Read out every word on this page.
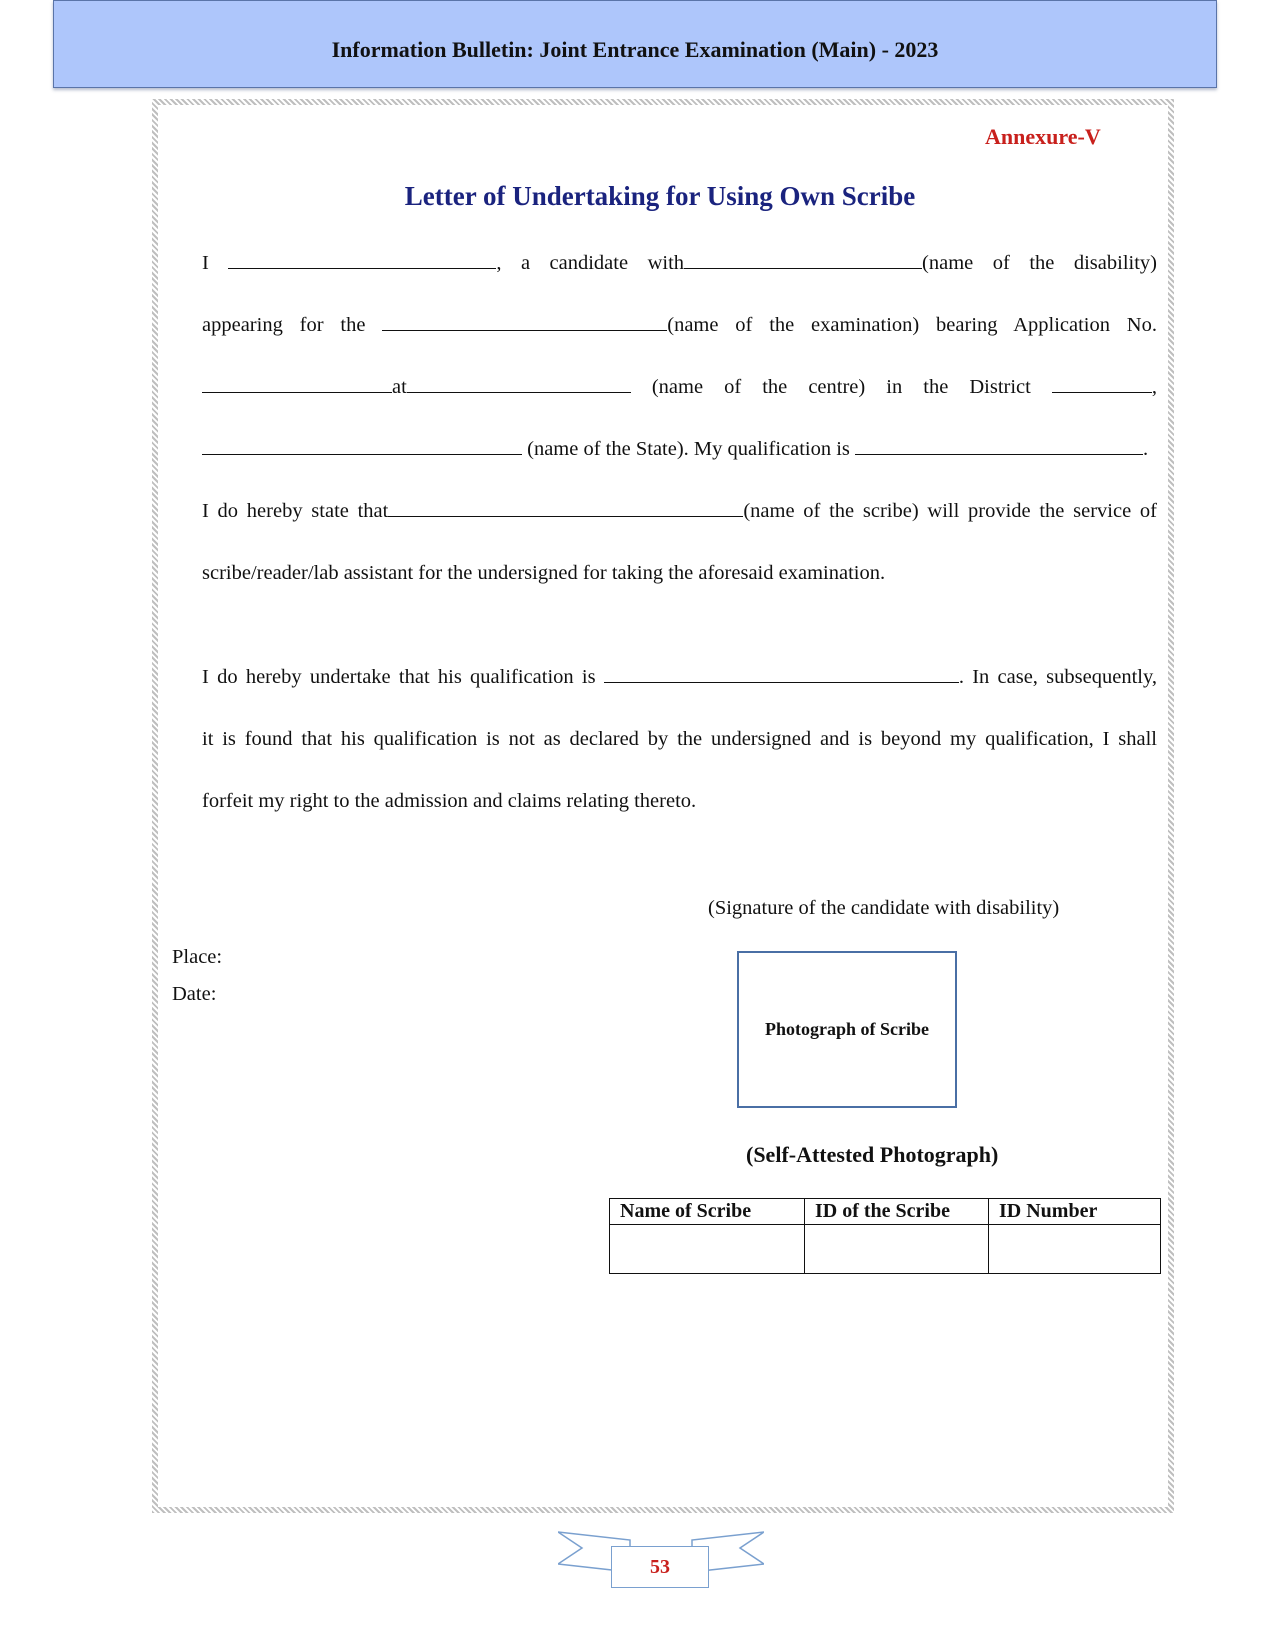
Information Bulletin: Joint Entrance Examination (Main) - 2023
Annexure-V
Letter of Undertaking for Using Own Scribe
I	, a candidate with	(name of the disability)
appearing for the	(name of the examination) bearing Application No.
at	(name of the centre) in the District	,
(name of the State). My qualification is	.
I do hereby state that	(name of the scribe) will provide the service of
scribe/reader/lab assistant for the undersigned for taking the aforesaid examination.
I do hereby undertake that his qualification is	. In case, subsequently,
it is found that his qualification is not as declared by the undersigned and is beyond my qualification, I shall
forfeit my right to the admission and claims relating thereto.
(Signature of the candidate with disability)
Place:
Date:
Photograph of Scribe
(Self-Attested Photograph)
Name of Scribe	ID of the Scribe	ID Number

53
